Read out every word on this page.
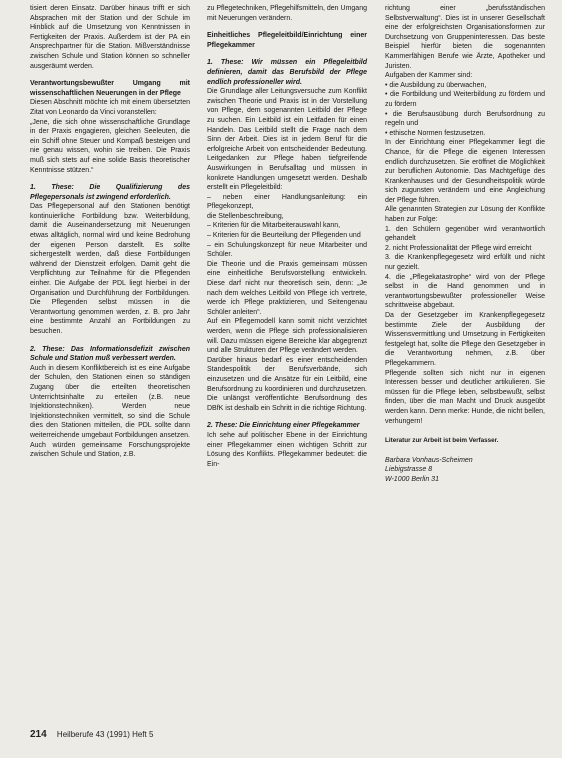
tisiert deren Einsatz. Darüber hinaus trifft er sich Absprachen mit der Station und der Schule im Hinblick auf die Umsetzung von Kenntnissen in Fertigkeiten der Praxis. Außerdem ist der PA ein Ansprechpartner für die Station. Mißverständnisse zwischen Schule und Station können so schneller ausgeräumt werden.

Verantwortungsbewußter Umgang mit wissenschaftlichen Neuerungen in der Pflege

Diesen Abschnitt möchte ich mit einem übersetzten Zitat von Leonardo da Vinci voranstellen:

„Jene, die sich ohne wissenschaftliche Grundlage in der Praxis engagieren, gleichen Seeleuten, die ein Schiff ohne Steuer und Kompaß besteigen und nie genau wissen, wohin sie treiben. Die Praxis muß sich stets auf eine solide Basis theoretischer Kenntnisse stützen.“

1. These: Die Qualifizierung des Pflegepersonals ist zwingend erforderlich.

Das Pflegepersonal auf den Stationen benötigt kontinuierliche Fortbildung bzw. Weiterbildung, damit die Auseinandersetzung mit Neuerungen etwas alltäglich, normal wird und keine Bedrohung der eigenen Person darstellt. Es sollte sichergestellt werden, daß diese Fortbildungen während der Dienstzeit erfolgen. Damit geht die Verpflichtung zur Teilnahme für die Pflegenden einher. Die Aufgabe der PDL liegt hierbei in der Organisation und Durchführung der Fortbildungen. Die Pflegenden selbst müssen in die Verantwortung genommen werden, z. B. pro Jahr eine bestimmte Anzahl an Fortbildungen zu besuchen.

2. These: Das Informationsdefizit zwischen Schule und Station muß verbessert werden.

Auch in diesem Konfliktbereich ist es eine Aufgabe der Schulen, den Stationen einen so ständigen Zugang über die erteilten theoretischen Unterrichtsinhalte zu erteilen (z.B. neue Injektionstechniken). Werden neue Injektionstechniken vermittelt, so sind die Schule dies den Stationen mitteilen, die PDL sollte dann weiterreichende umgebaut Fortbildungen ansetzen. Auch würden gemeinsame Forschungsprojekte zwischen Schule und Station, z.B.

zu Pflegetechniken, Pflegehilfsmitteln, den Umgang mit Neuerungen verändern.

Einheitliches Pflegeleitbild/Einrichtung einer Pflegekammer

1. These: Wir müssen ein Pflegeleitbild definieren, damit das Berufsbild der Pflege endlich professioneller wird.

Die Grundlage aller Leitungsversuche zum Konflikt zwischen Theorie und Praxis ist in der Vorstellung von Pflege, dem sogenannten Leitbild der Pflege zu suchen. Ein Leitbild ist ein Leitfaden für einen Handeln. Das Leitbild stellt die Frage nach dem Sinn der Arbeit. Dies ist in jedem Beruf für die erfolgreiche Arbeit von entscheidender Bedeutung. Leitgedanken zur Pflege haben tiefgreifende Auswirkungen in Berufsalltag und müssen in konkrete Handlungen umgesetzt werden. Deshalb erstellt ein Pflegeleitbild:

– neben einer Handlungsanleitung: ein Pflegekonzept,

die Stellenbeschreibung,

– Kriterien für die Mitarbeiterauswahl kann,

– Kriterien für die Beurteilung der Pflegenden und

– ein Schulungskonzept für neue Mitarbeiter und Schüler.

Die Theorie und die Praxis gemeinsam müssen eine einheitliche Berufsvorstellung entwickeln. Diese darf nicht nur theoretisch sein, denn: „Je nach dem welches Leitbild von Pflege ich vertrete, werde ich Pflege praktizieren, und Seitengenau Schüler anleiten“.

Auf ein Pflegemodell kann somit nicht verzichtet werden, wenn die Pflege sich professionalisieren will. Dazu müssen eigene Bereiche klar abgegrenzt und alle Strukturen der Pflege verändert werden.

Darüber hinaus bedarf es einer entscheidenden Standespolitik der Berufsverbände, sich einzusetzen und die Ansätze für ein Leitbild, eine Berufsordnung zu koordinieren und durchzusetzen. Die unlängst veröffentlichte Berufsordnung des DBfK ist deshalb ein Schritt in die richtige Richtung.

2. These: Die Einrichtung einer Pflegekammer

Ich sehe auf politischer Ebene in der Einrichtung einer Pflegekammer einen wichtigen Schritt zur Lösung des Konflikts. Pflegekammer bedeutet: die Ein-

richtung einer „berufsständischen Selbstverwaltung“. Dies ist in unserer Gesellschaft eine der erfolgreichsten Organisationsformen zur Durchsetzung von Gruppeninteressen. Das beste Beispiel hierfür bieten die sogenannten Kammerfähigen Berufe wie Ärzte, Apotheker und Juristen.

Aufgaben der Kammer sind:

• die Ausbildung zu überwachen,

• die Fortbildung und Weiterbildung zu fördern und zu fördern

• die Berufsausübung durch Berufsordnung zu regeln und

• ethische Normen festzusetzen.

In der Einrichtung einer Pflegekammer liegt die Chance, für die Pflege die eigenen Interessen endlich durchzusetzen. Sie eröffnet die Möglichkeit zur beruflichen Autonomie. Das Machtgefüge des Krankenhauses und der Gesundheitspolitik würde sich zugunsten verändern und eine Angleichung der Pflege führen.

Alle genannten Strategien zur Lösung der Konflikte haben zur Folge:

1. den Schülern gegenüber wird verantwortlich gehandelt

2. nicht Professionalität der Pflege wird erreicht

3. die Krankenpflegegesetz wird erfüllt und nicht nur gezielt.

4. die „Pflegekatastrophe“ wird von der Pflege selbst in die Hand genommen und in verantwortungsbewußter professioneller Weise schrittweise abgebaut.

Da der Gesetzgeber im Krankenpflegegesetz bestimmte Ziele der Ausbildung der Wissensvermittlung und Umsetzung in Fertigkeiten festgelegt hat, sollte die Pflege den Gesetzgeber in die Verantwortung nehmen, z.B. über Pflegekammern.

Pflegende sollten sich nicht nur in eigenen Interessen besser und deutlicher artikulieren. Sie müssen für die Pflege leben, selbstbewußt, selbst finden, über die man Macht und Druck ausgeübt werden kann. Denn merke: Hunde, die nicht bellen, verhungern!

Literatur zur Arbeit ist beim Verfasser.

Barbara Vonhaus-Scheimen

Liebigstrasse 8

W-1000 Berlin 31

214 Heilberufe 43 (1991) Heft 5
